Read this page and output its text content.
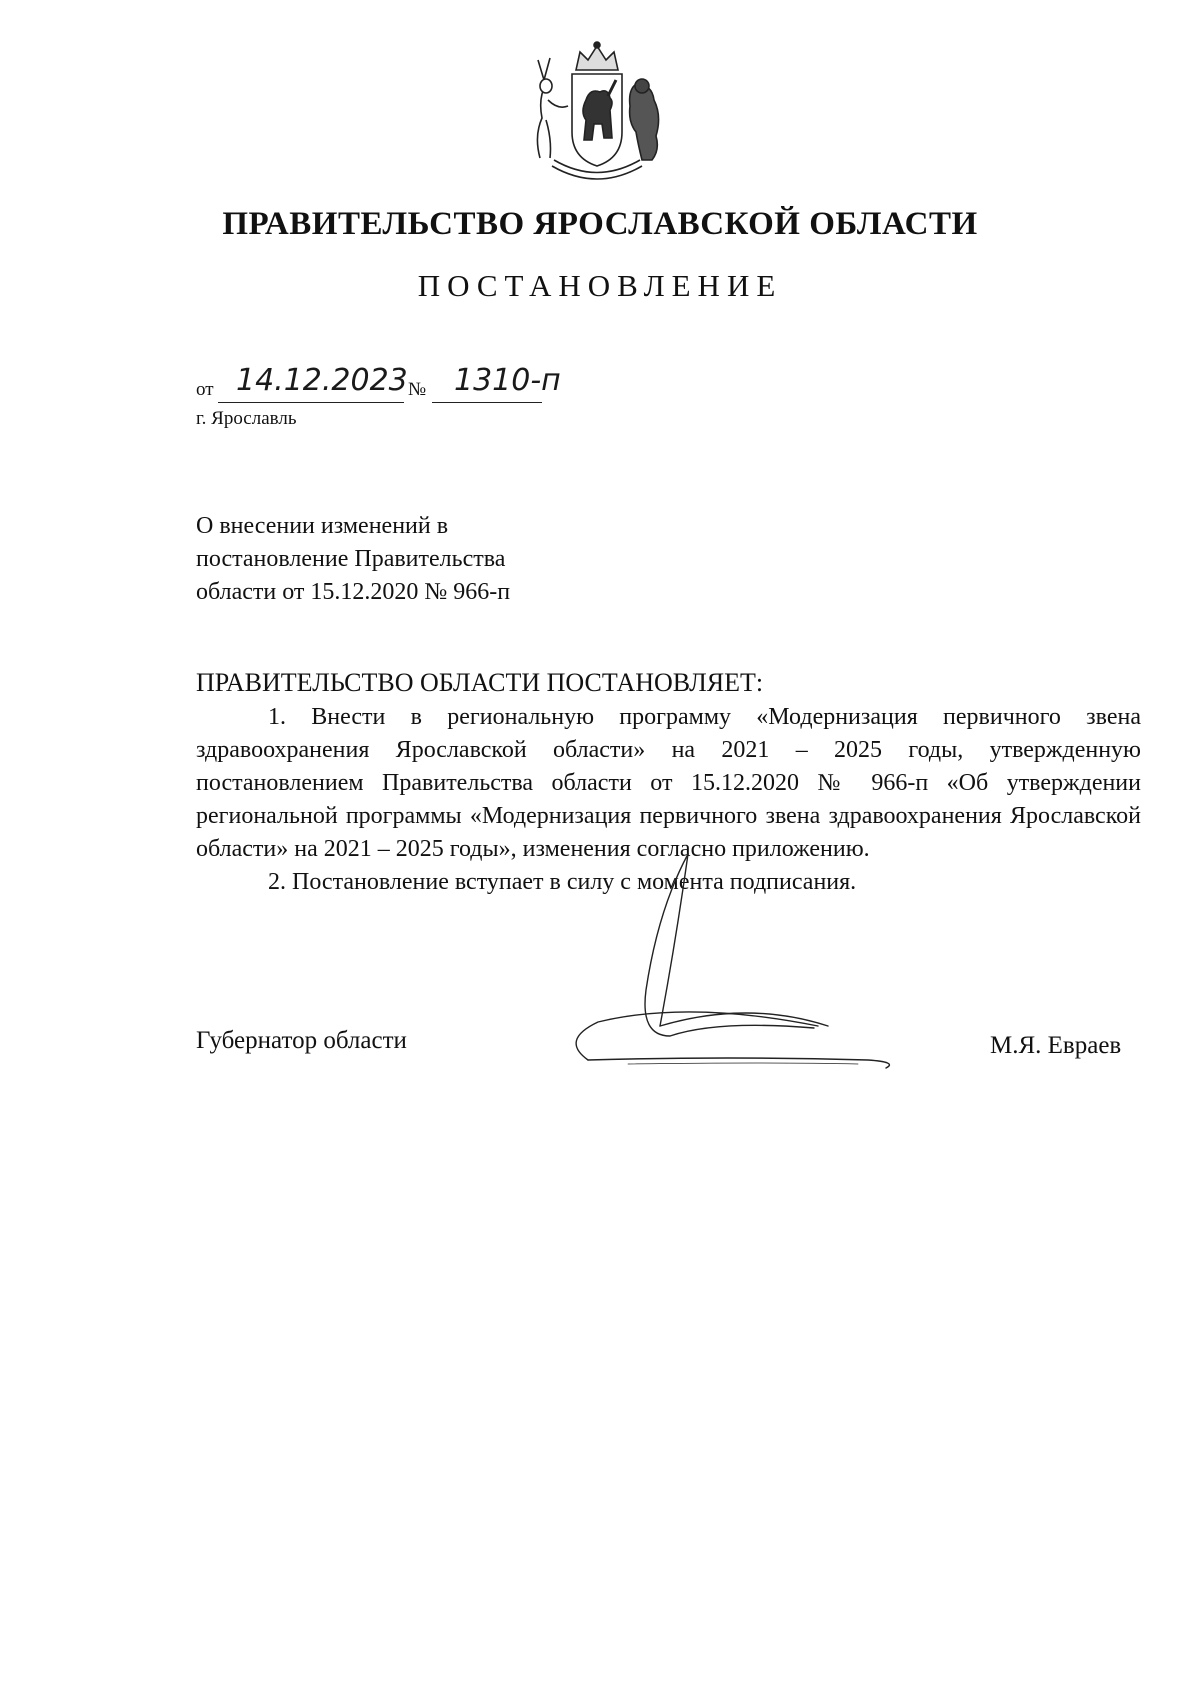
ПРАВИТЕЛЬСТВО ЯРОСЛАВСКОЙ ОБЛАСТИ
ПОСТАНОВЛЕНИЕ
от 14.12.2023 № 1310-п
г. Ярославль
О внесении изменений в
постановление Правительства
области от 15.12.2020 № 966-п
ПРАВИТЕЛЬСТВО ОБЛАСТИ ПОСТАНОВЛЯЕТ:

1. Внести в региональную программу «Модернизация первичного звена здравоохранения Ярославской области» на 2021 – 2025 годы, утвержденную постановлением Правительства области от 15.12.2020 № 966-п «Об утверждении региональной программы «Модернизация первичного звена здравоохранения Ярославской области» на 2021 – 2025 годы», изменения согласно приложению.

2. Постановление вступает в силу с момента подписания.

Губернатор области	М.Я. Евраев
